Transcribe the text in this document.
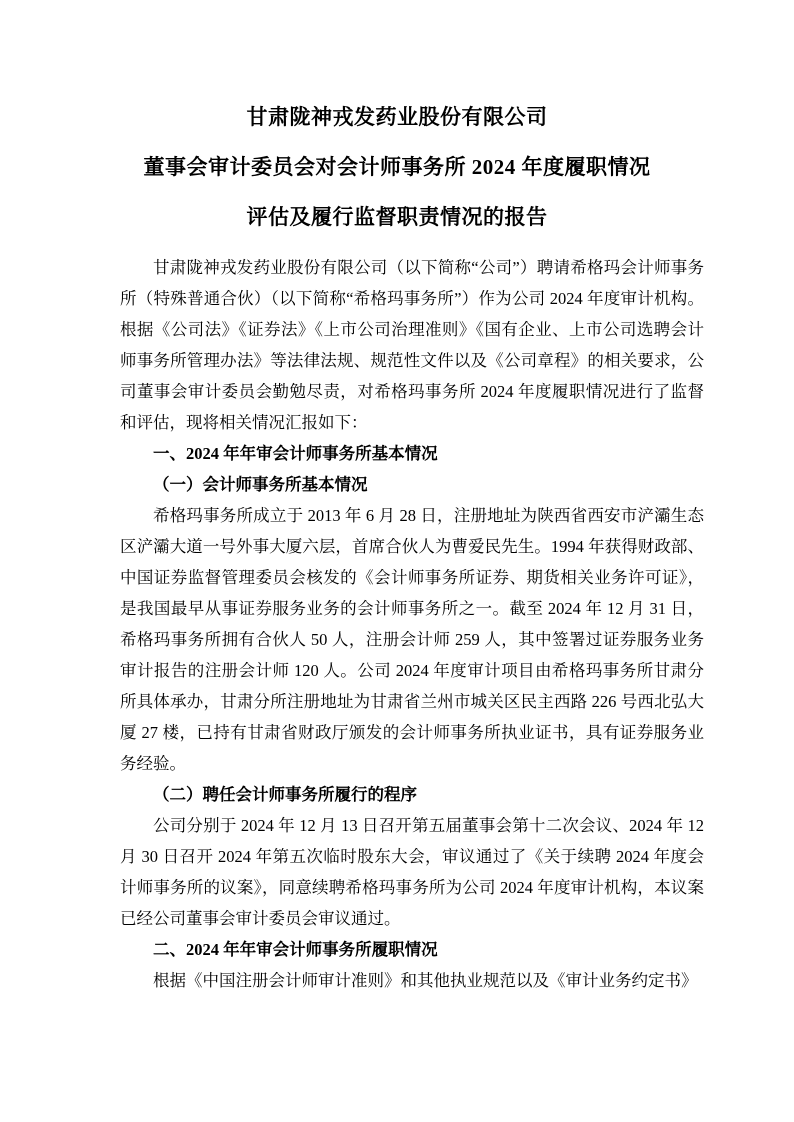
甘肃陇神戎发药业股份有限公司
董事会审计委员会对会计师事务所 2024 年度履职情况
评估及履行监督职责情况的报告

甘肃陇神戎发药业股份有限公司（以下简称“公司”）聘请希格玛会计师事务所（特殊普通合伙）（以下简称“希格玛事务所”）作为公司 2024 年度审计机构。根据《公司法》《证券法》《上市公司治理准则》《国有企业、上市公司选聘会计师事务所管理办法》等法律法规、规范性文件以及《公司章程》的相关要求，公司董事会审计委员会勤勉尽责，对希格玛事务所 2024 年度履职情况进行了监督和评估，现将相关情况汇报如下：

一、2024 年年审会计师事务所基本情况

（一）会计师事务所基本情况

希格玛事务所成立于 2013 年 6 月 28 日，注册地址为陕西省西安市浐灞生态区浐灞大道一号外事大厦六层，首席合伙人为曹爱民先生。1994 年获得财政部、中国证券监督管理委员会核发的《会计师事务所证券、期货相关业务许可证》，是我国最早从事证券服务业务的会计师事务所之一。截至 2024 年 12 月 31 日，希格玛事务所拥有合伙人 50 人，注册会计师 259 人，其中签署过证券服务业务审计报告的注册会计师 120 人。公司 2024 年度审计项目由希格玛事务所甘肃分所具体承办，甘肃分所注册地址为甘肃省兰州市城关区民主西路 226 号西北弘大厦 27 楼，已持有甘肃省财政厅颁发的会计师事务所执业证书，具有证券服务业务经验。

（二）聘任会计师事务所履行的程序

公司分别于 2024 年 12 月 13 日召开第五届董事会第十二次会议、2024 年 12 月 30 日召开 2024 年第五次临时股东大会，审议通过了《关于续聘 2024 年度会计师事务所的议案》，同意续聘希格玛事务所为公司 2024 年度审计机构，本议案已经公司董事会审计委员会审议通过。

二、2024 年年审会计师事务所履职情况

根据《中国注册会计师审计准则》和其他执业规范以及《审计业务约定书》
